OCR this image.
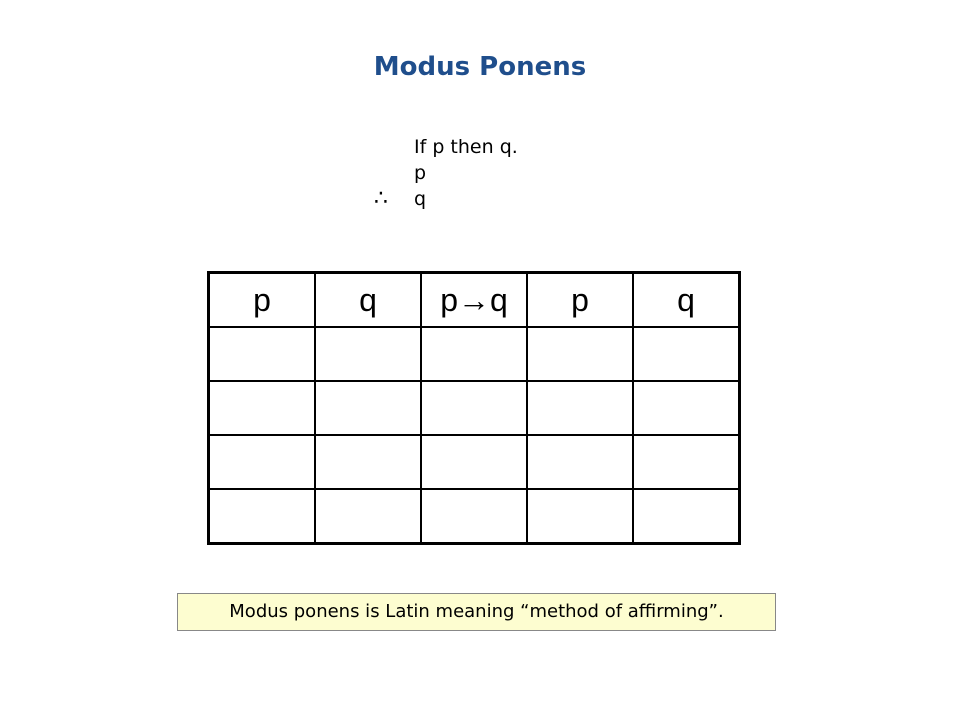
Modus Ponens
If p then q.
p
∴ q
p	q	p→q	p	q

Modus ponens is Latin meaning “method of affirming”.
